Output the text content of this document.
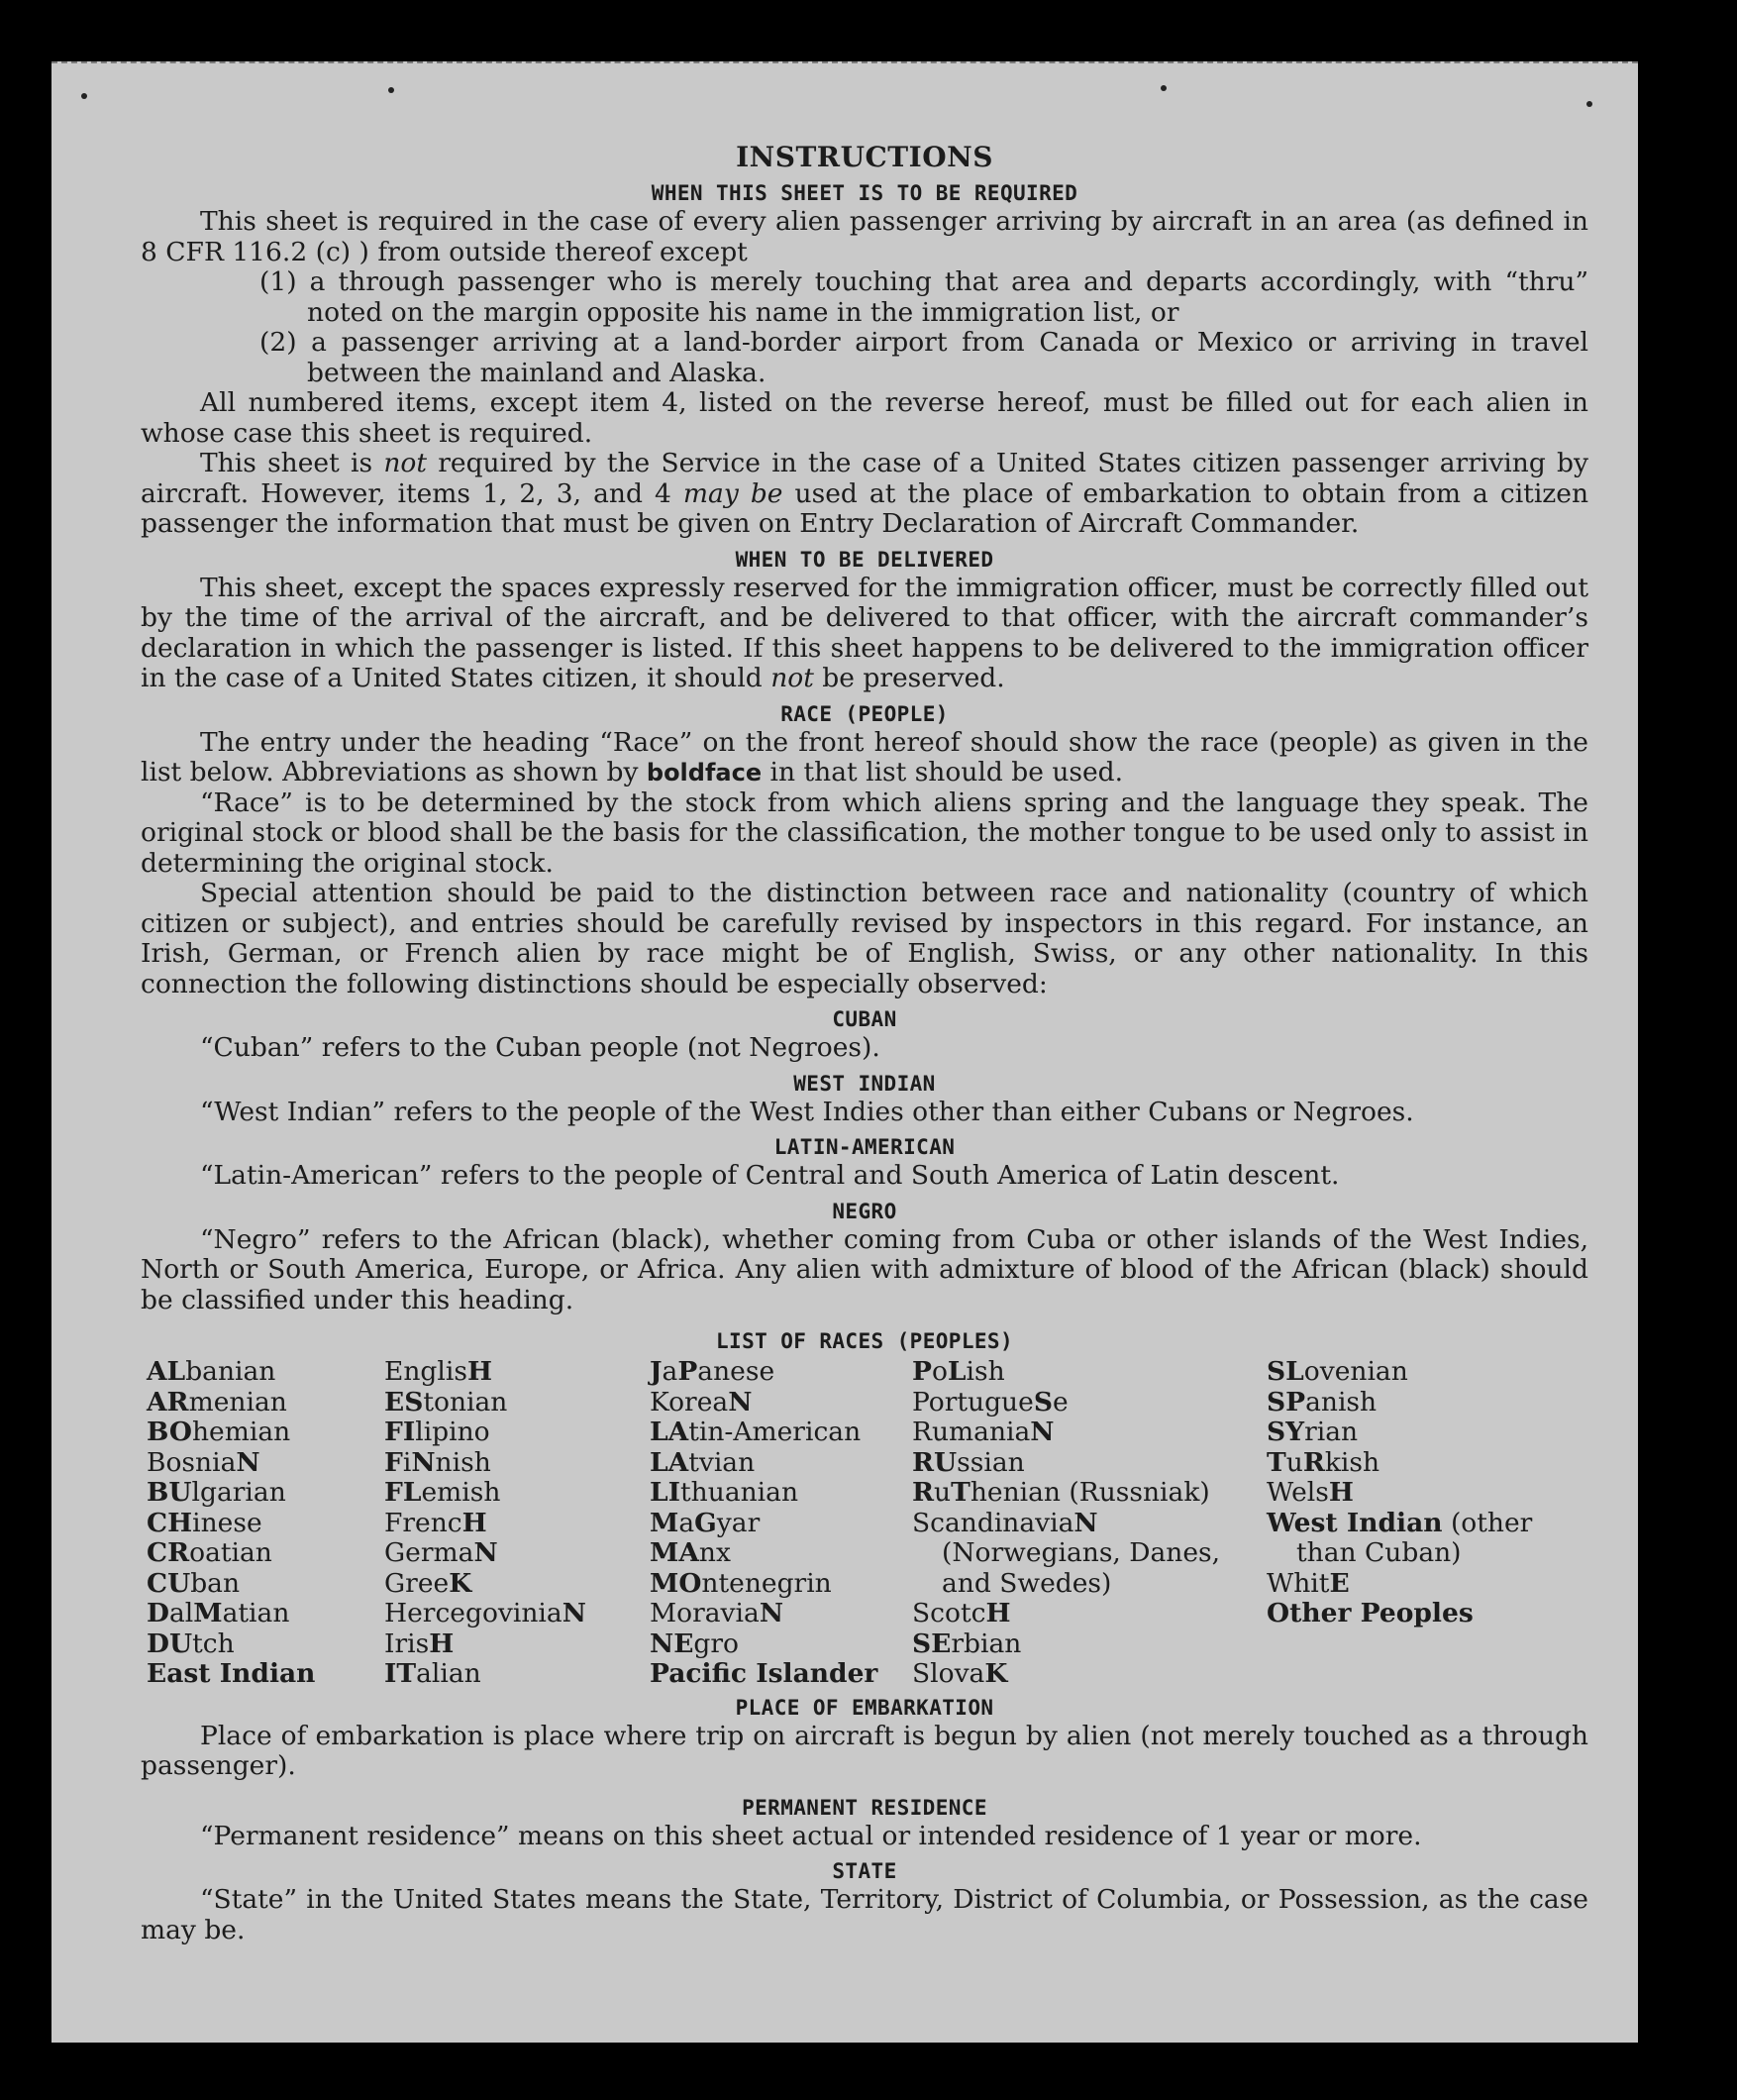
INSTRUCTIONS
WHEN THIS SHEET IS TO BE REQUIRED

This sheet is required in the case of every alien passenger arriving by aircraft in an area (as defined in 8 CFR 116.2 (c) ) from outside thereof except

(1) a through passenger who is merely touching that area and departs accordingly, with “thru” noted on the margin opposite his name in the immigration list, or
(2) a passenger arriving at a land-border airport from Canada or Mexico or arriving in travel between the mainland and Alaska.

All numbered items, except item 4, listed on the reverse hereof, must be filled out for each alien in whose case this sheet is required.

This sheet is not required by the Service in the case of a United States citizen passenger arriving by aircraft. However, items 1, 2, 3, and 4 may be used at the place of embarkation to obtain from a citizen passenger the information that must be given on Entry Declaration of Aircraft Commander.

WHEN TO BE DELIVERED

This sheet, except the spaces expressly reserved for the immigration officer, must be correctly filled out by the time of the arrival of the aircraft, and be delivered to that officer, with the aircraft commander’s declaration in which the passenger is listed. If this sheet happens to be delivered to the immigration officer in the case of a United States citizen, it should not be preserved.

RACE (PEOPLE)

The entry under the heading “Race” on the front hereof should show the race (people) as given in the list below. Abbreviations as shown by boldface in that list should be used.

“Race” is to be determined by the stock from which aliens spring and the language they speak. The original stock or blood shall be the basis for the classification, the mother tongue to be used only to assist in determining the original stock.

Special attention should be paid to the distinction between race and nationality (country of which citizen or subject), and entries should be carefully revised by inspectors in this regard. For instance, an Irish, German, or French alien by race might be of English, Swiss, or any other nationality. In this connection the following distinctions should be especially observed:

CUBAN
“Cuban” refers to the Cuban people (not Negroes).
WEST INDIAN
“West Indian” refers to the people of the West Indies other than either Cubans or Negroes.
LATIN-AMERICAN
“Latin-American” refers to the people of Central and South America of Latin descent.
NEGRO
“Negro” refers to the African (black), whether coming from Cuba or other islands of the West Indies, North or South America, Europe, or Africa. Any alien with admixture of blood of the African (black) should be classified under this heading.
LIST OF RACES (PEOPLES)
ALbanian
ARmenian
BOhemian
BosniaN
BUlgarian
CHinese
CRoatian
CUban
DalMatian
DUtch
East Indian
EnglisH
EStonian
FIlipino
FiNnish
FLemish
FrencH
GermaN
GreeK
HercegoviniaN
IrisH
ITalian
JaPanese
KoreaN
LAtin-American
LAtvian
LIthuanian
MaGyar
MAnx
MOntenegrin
MoraviaN
NEgro
Pacific Islander
PoLish
PortugueSe
RumaniaN
RUssian
RuThenian (Russniak)
ScandinaviaN (Norwegians, Danes, and Swedes)
ScotcH
SErbian
SlovaK
SLovenian
SPanish
SYrian
TuRkish
WelsH
West Indian (other than Cuban)
WhitE
Other Peoples
PLACE OF EMBARKATION

Place of embarkation is place where trip on aircraft is begun by alien (not merely touched as a through passenger).

PERMANENT RESIDENCE
“Permanent residence” means on this sheet actual or intended residence of 1 year or more.
STATE

“State” in the United States means the State, Territory, District of Columbia, or Possession, as the case may be.
